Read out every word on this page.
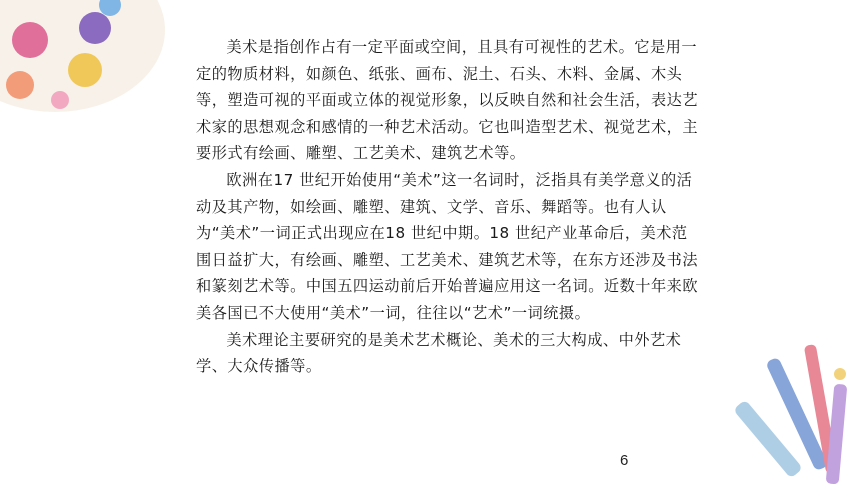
美术是指创作占有一定平面或空间，且具有可视性的艺术。它是用一定的物质材料，如颜色、纸张、画布、泥土、石头、木料、金属、木头等，塑造可视的平面或立体的视觉形象，以反映自然和社会生活，表达艺术家的思想观念和感情的一种艺术活动。它也叫造型艺术、视觉艺术，主要形式有绘画、雕塑、工艺美术、建筑艺术等。

欧洲在17 世纪开始使用“美术”这一名词时，泛指具有美学意义的活动及其产物，如绘画、雕塑、建筑、文学、音乐、舞蹈等。也有人认为“美术”一词正式出现应在18 世纪中期。18 世纪产业革命后，美术范围日益扩大，有绘画、雕塑、工艺美术、建筑艺术等，在东方还涉及书法和篆刻艺术等。中国五四运动前后开始普遍应用这一名词。近数十年来欧美各国已不大使用“美术”一词，往往以“艺术”一词统摄。

美术理论主要研究的是美术艺术概论、美术的三大构成、中外艺术学、大众传播等。

6
